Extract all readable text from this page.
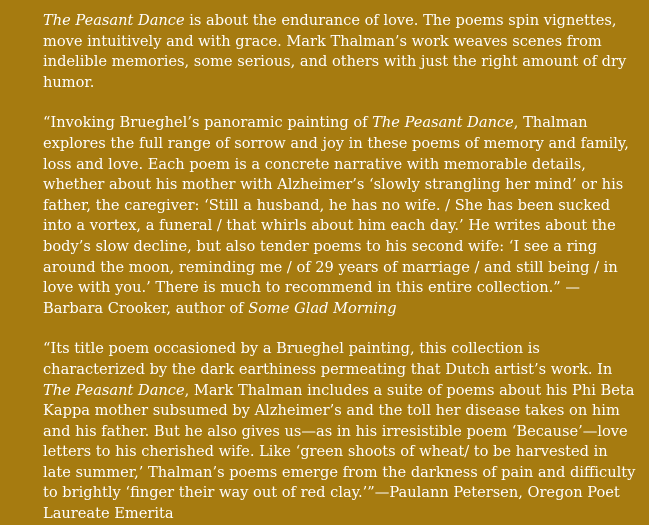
The Peasant Dance is about the endurance of love. The poems spin vignettes, move intuitively and with grace. Mark Thalman’s work weaves scenes from indelible memories, some serious, and others with just the right amount of dry humor.

“Invoking Brueghel’s panoramic painting of The Peasant Dance, Thalman explores the full range of sorrow and joy in these poems of memory and family, loss and love. Each poem is a concrete narrative with memorable details, whether about his mother with Alzheimer’s ‘slowly strangling her mind’ or his father, the caregiver: ‘Still a husband, he has no wife. / She has been sucked into a vortex, a funeral / that whirls about him each day.’ He writes about the body’s slow decline, but also tender poems to his second wife: ‘I see a ring around the moon, reminding me / of 29 years of marriage / and still being / in love with you.’ There is much to recommend in this entire collection.” — Barbara Crooker, author of Some Glad Morning

“Its title poem occasioned by a Brueghel painting, this collection is characterized by the dark earthiness permeating that Dutch artist’s work. In The Peasant Dance, Mark Thalman includes a suite of poems about his Phi Beta Kappa mother subsumed by Alzheimer’s and the toll her disease takes on him and his father. But he also gives us—as in his irresistible poem ‘Because’—love letters to his cherished wife. Like ‘green shoots of wheat/ to be harvested in late summer,’ Thalman’s poems emerge from the darkness of pain and difficulty to brightly ‘finger their way out of red clay.’”—Paulann Petersen, Oregon Poet Laureate Emerita
